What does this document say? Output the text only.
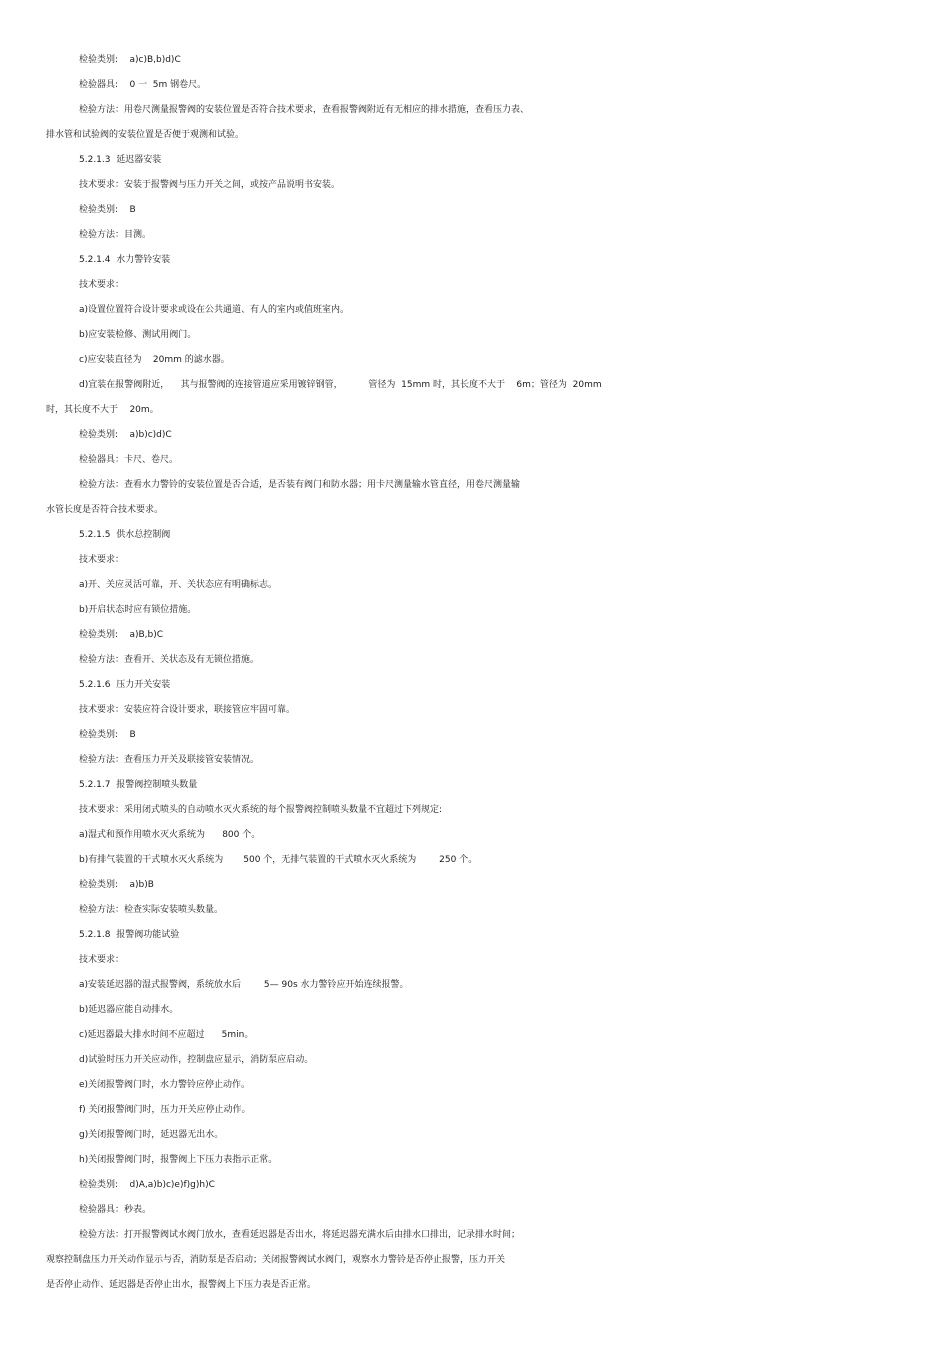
检验类别:    a)c)B,b)d)C
检验器具:    0 一  5m 钢卷尺。
检验方法：用卷尺测量报警阀的安装位置是否符合技术要求，查看报警阀附近有无相应的排水措施，查看压力表、
排水管和试验阀的安装位置是否便于观测和试验。
5.2.1.3  延迟器安装
技术要求：安装于报警阀与压力开关之间，或按产品说明书安装。
检验类别:    B
检验方法：目测。
5.2.1.4  水力警铃安装
技术要求：
a)设置位置符合设计要求或设在公共通道、有人的室内或值班室内。
b)应安装检修、测试用阀门。
c)应安装直径为    20mm 的滤水器。
d)宜装在报警阀附近，    其与报警阀的连接管道应采用镀锌钢管，         管径为  15mm 时，其长度不大于    6m；管径为  20mm
时，其长度不大于    20m。
检验类别:    a)b)c)d)C
检验器具：卡尺、卷尺。
检验方法：查看水力警铃的安装位置是否合适，是否装有阀门和防水器；用卡尺测量输水管直径，用卷尺测量输
水管长度是否符合技术要求。
5.2.1.5  供水总控制阀
技术要求：
a)开、关应灵活可靠，开、关状态应有明确标志。
b)开启状态时应有锁位措施。
检验类别:    a)B,b)C
检验方法：查看开、关状态及有无锁位措施。
5.2.1.6  压力开关安装
技术要求：安装应符合设计要求，联接管应牢固可靠。
检验类别:    B
检验方法：查看压力开关及联接管安装情况。
5.2.1.7  报警阀控制喷头数量
技术要求：采用闭式喷头的自动喷水灭火系统的每个报警阀控制喷头数量不宜超过下列规定:
a)湿式和预作用喷水灭火系统为      800 个。
b)有排气装置的干式喷水灭火系统为       500 个，无排气装置的干式喷水灭火系统为        250 个。
检验类别:    a)b)B
检验方法：检查实际安装喷头数量。
5.2.1.8  报警阀功能试验
技术要求：
a)安装延迟器的湿式报警阀，系统放水后        5— 90s 水力警铃应开始连续报警。
b)延迟器应能自动排水。
c)延迟器最大排水时间不应超过      5min。
d)试验时压力开关应动作，控制盘应显示，消防泵应启动。
e)关闭报警阀门时，水力警铃应停止动作。
f) 关闭报警阀门时，压力开关应停止动作。
g)关闭报警阀门时，延迟器无出水。
h)关闭报警阀门时，报警阀上下压力表指示正常。
检验类别:    d)A,a)b)c)e)f)g)h)C
检验器具：秒表。
检验方法：打开报警阀试水阀门放水，查看延迟器是否出水，将延迟器充满水后由排水口排出，记录排水时间；
观察控制盘压力开关动作显示与否，消防泵是否启动；关闭报警阀试水阀门，观察水力警铃是否停止报警，压力开关
是否停止动作、延迟器是否停止出水，报警阀上下压力表是否正常。
